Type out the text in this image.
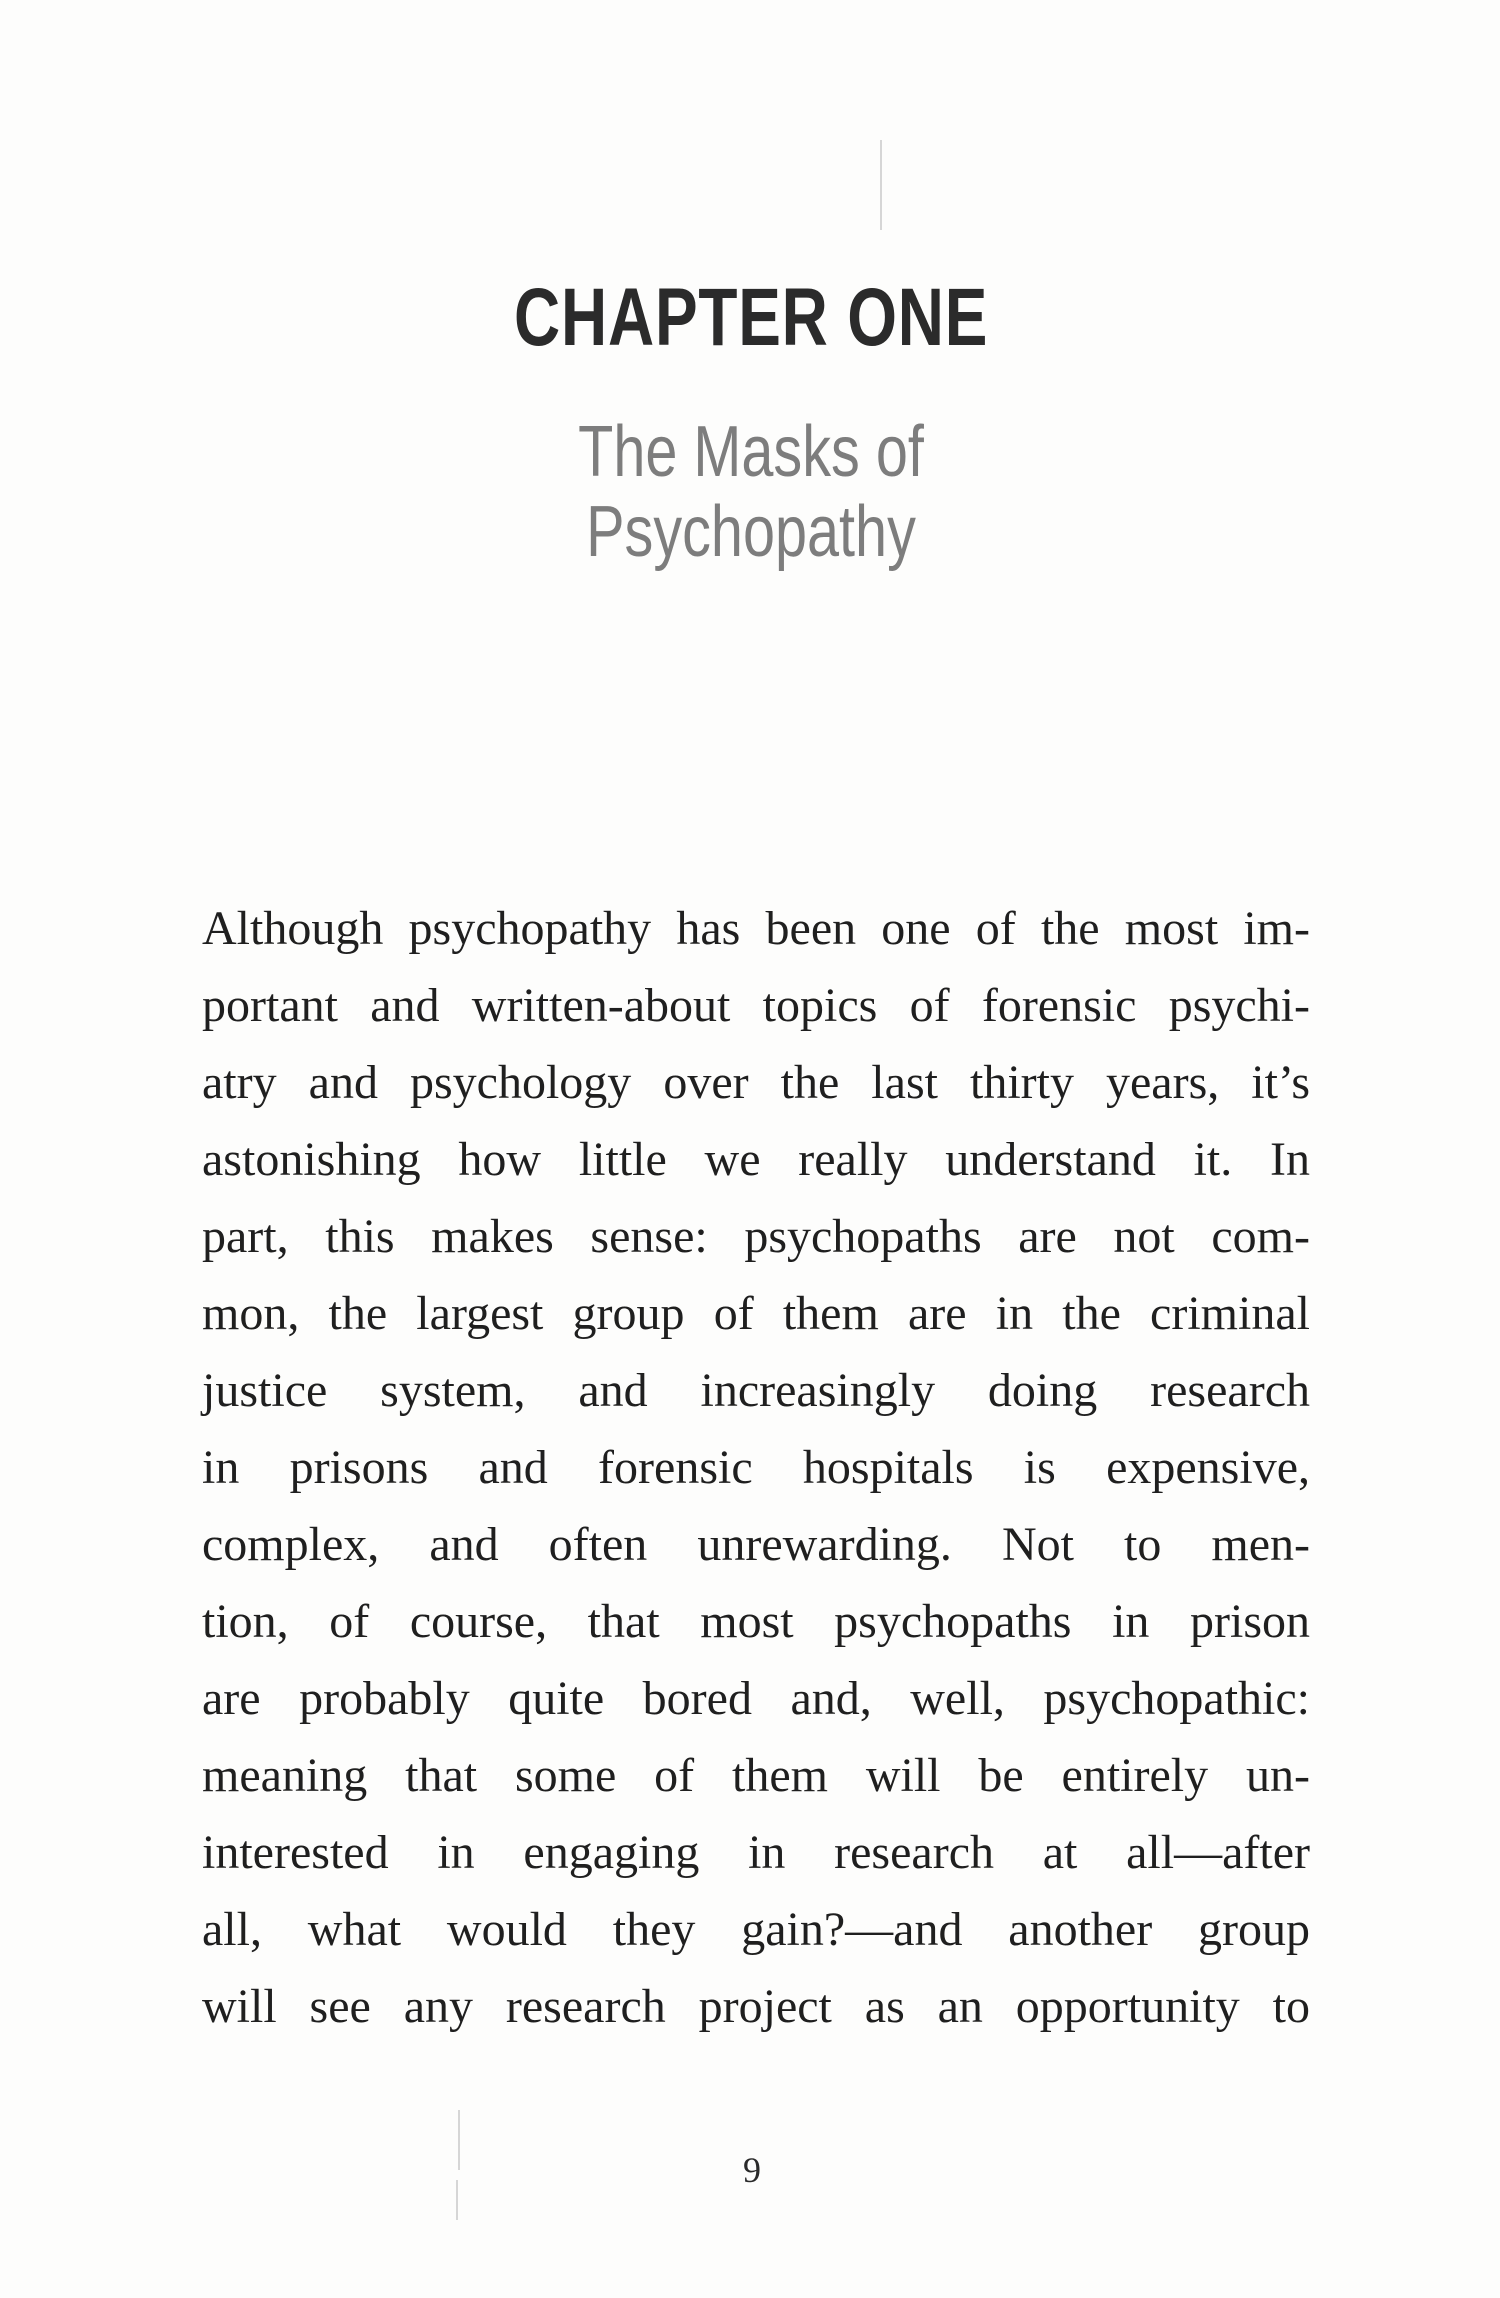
CHAPTER ONE
The Masks of
Psychopathy
Although psychopathy has been one of the most im-
portant and written-about topics of forensic psychi-
atry and psychology over the last thirty years, it’s
astonishing how little we really understand it. In
part, this makes sense: psychopaths are not com-
mon, the largest group of them are in the criminal
justice system, and increasingly doing research
in prisons and forensic hospitals is expensive,
complex, and often unrewarding. Not to men-
tion, of course, that most psychopaths in prison
are probably quite bored and, well, psychopathic:
meaning that some of them will be entirely un-
interested in engaging in research at all—after
all, what would they gain?—and another group
will see any research project as an opportunity to
9
